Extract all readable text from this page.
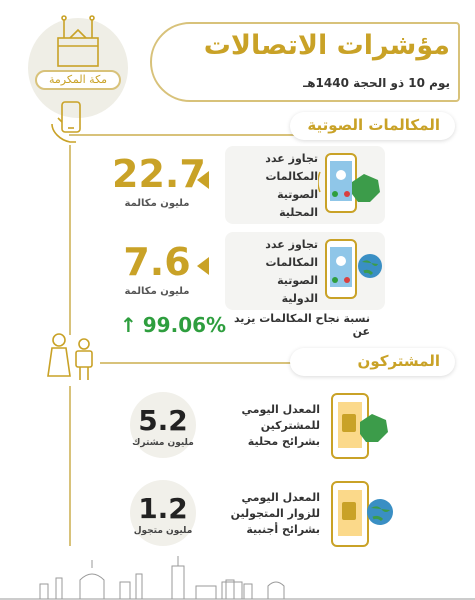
مكة المكرمة
مؤشرات الاتصالات
يوم 10 ذو الحجة 1440هـ
المكالمات الصوتية
تجاوز عدد
المكالمات
الصوتية
المحلية
22.7
مليون مكالمة
تجاوز عدد
المكالمات
الصوتية
الدولية
7.6
مليون مكالمة
نسبة نجاح المكالمات يزيد عن
99.06%
↑
المشتركون
المعدل اليومي
للمشتركين
بشرائح محلية
5.2
مليون مشترك
المعدل اليومي
للزوار المتجولين
بشرائح أجنبية
1.2
مليون متجول
